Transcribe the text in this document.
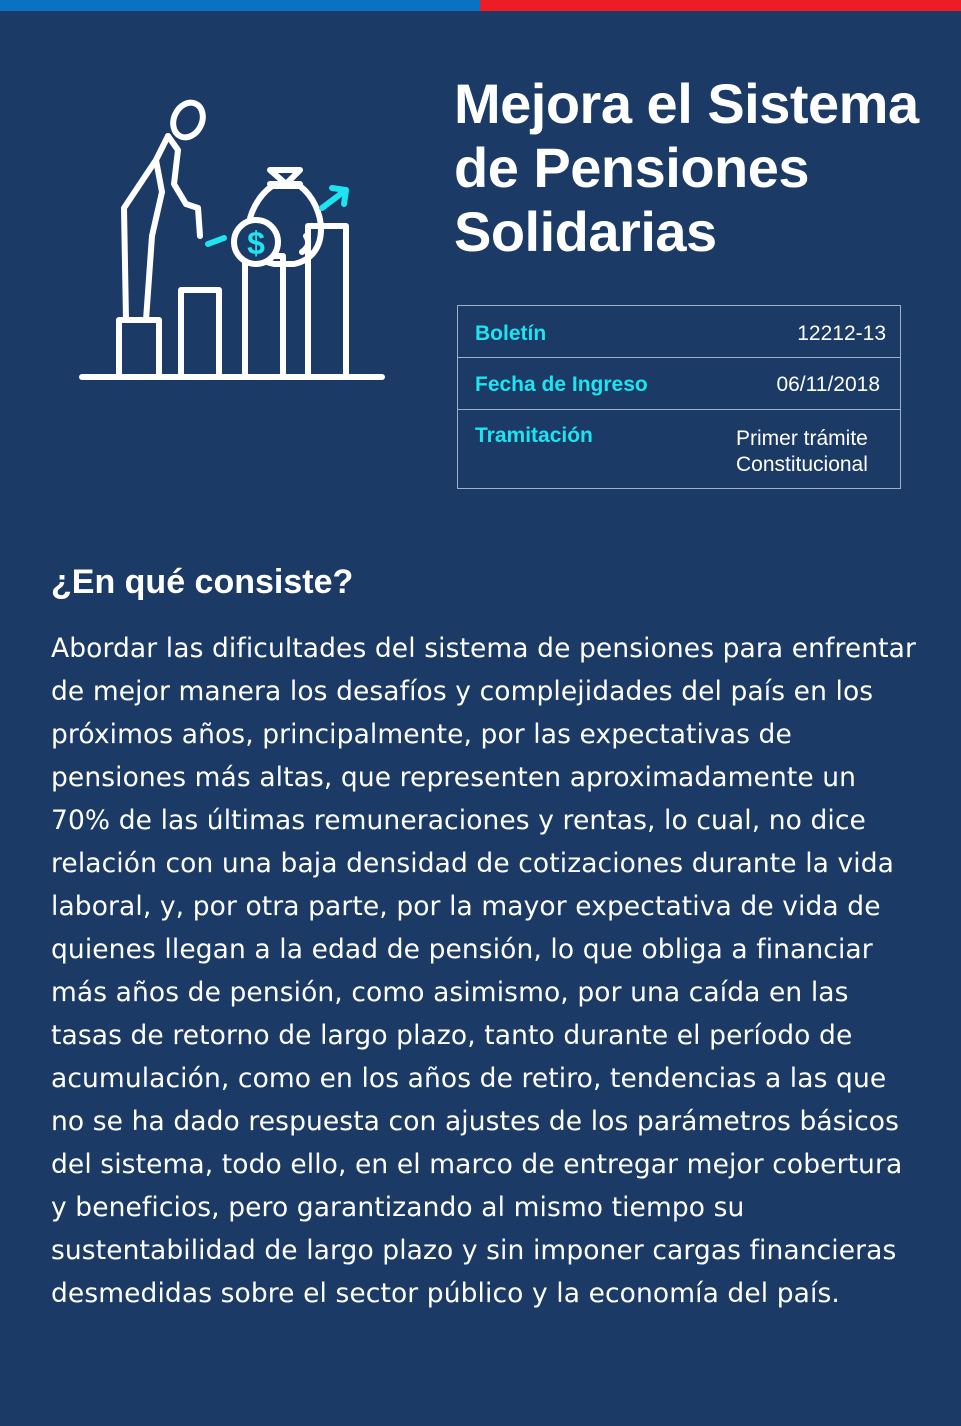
$
Mejora el Sistema de Pensiones Solidarias
Boletín	12212-13
Fecha de Ingreso	06/11/2018
Tramitación	Primer trámite Constitucional
¿En qué consiste?

Abordar las dificultades del sistema de pensiones para enfrentar de mejor manera los desafíos y complejidades del país en los próximos años, principalmente, por las expectativas de pensiones más altas, que representen aproximadamente un 70% de las últimas remuneraciones y rentas, lo cual, no dice relación con una baja densidad de cotizaciones durante la vida laboral, y, por otra parte, por la mayor expectativa de vida de quienes llegan a la edad de pensión, lo que obliga a financiar más años de pensión, como asimismo, por una caída en las tasas de retorno de largo plazo, tanto durante el período de acumulación, como en los años de retiro, tendencias a las que no se ha dado respuesta con ajustes de los parámetros básicos del sistema, todo ello, en el marco de entregar mejor cobertura y beneficios, pero garantizando al mismo tiempo su sustentabilidad de largo plazo y sin imponer cargas financieras desmedidas sobre el sector público y la economía del país.
